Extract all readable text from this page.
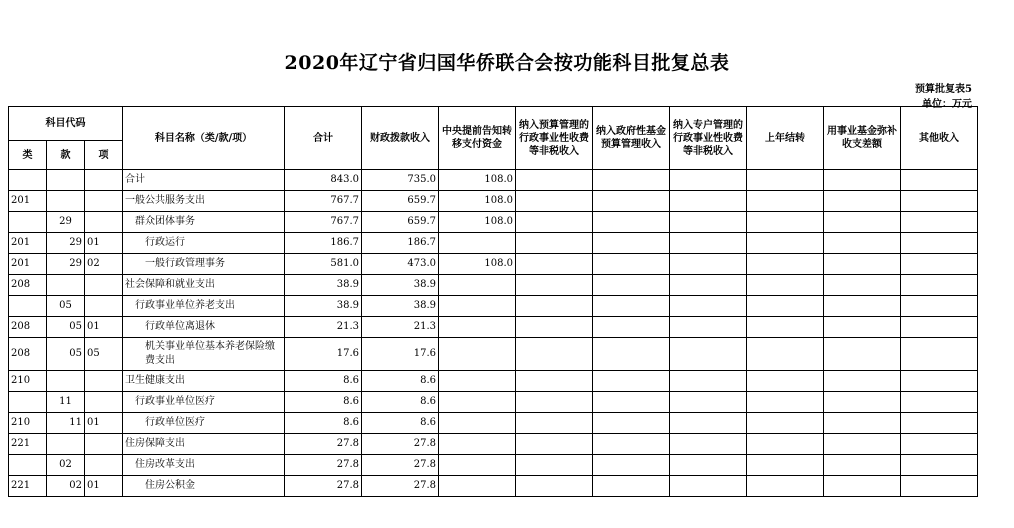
2020年辽宁省归国华侨联合会按功能科目批复总表
预算批复表5
单位：万元
科目代码			科目名称（类/款/项）	合计	财政拨款收入	中央提前告知转移支付资金	纳入预算管理的行政事业性收费等非税收入	纳入政府性基金预算管理收入	纳入专户管理的行政事业性收费等非税收入	上年结转	用事业基金弥补收支差额	其他收入
类	款	项										
			合计	843.0	735.0	108.0						
201			一般公共服务支出	767.7	659.7	108.0						
	29		群众团体事务	767.7	659.7	108.0						
201	29	01	行政运行	186.7	186.7							
201	29	02	一般行政管理事务	581.0	473.0	108.0						
208			社会保障和就业支出	38.9	38.9							
	05		行政事业单位养老支出	38.9	38.9							
208	05	01	行政单位离退休	21.3	21.3							
208	05	05	机关事业单位基本养老保险缴费支出	17.6	17.6							
210			卫生健康支出	8.6	8.6							
	11		行政事业单位医疗	8.6	8.6							
210	11	01	行政单位医疗	8.6	8.6							
221			住房保障支出	27.8	27.8							
	02		住房改革支出	27.8	27.8							
221	02	01	住房公积金	27.8	27.8							
